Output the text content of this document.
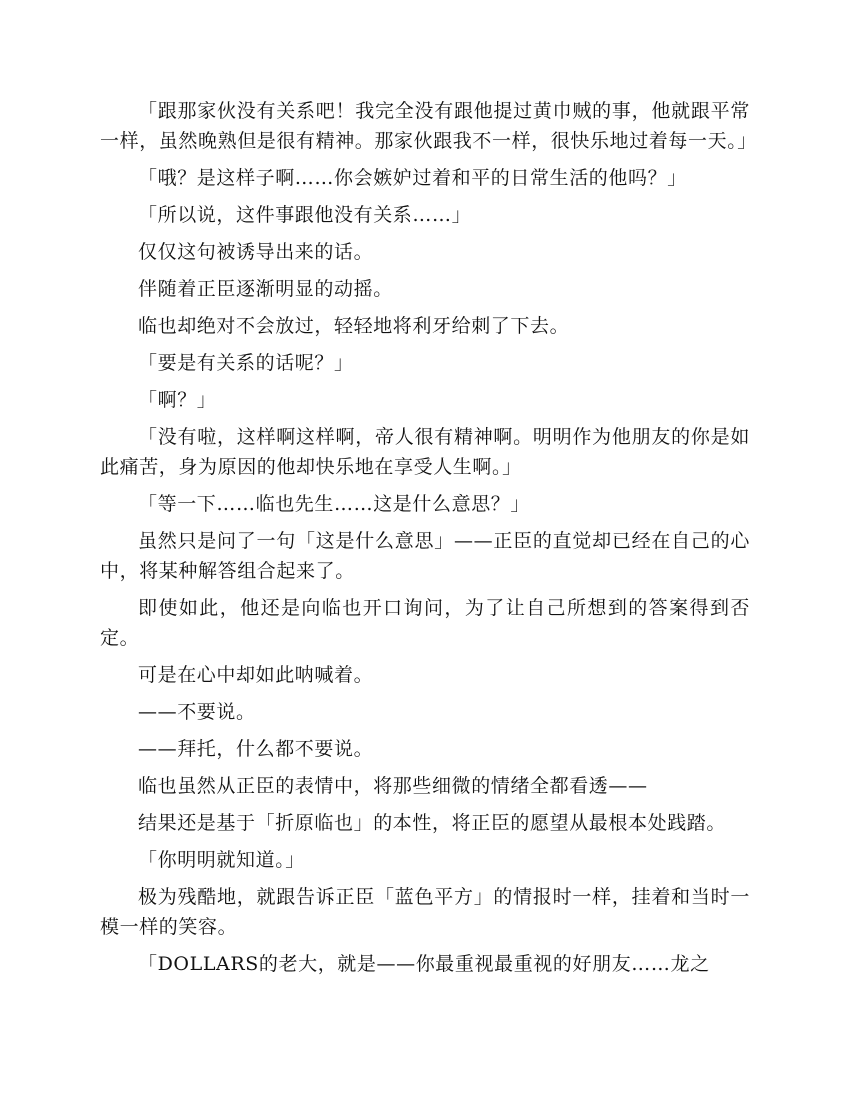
「跟那家伙没有关系吧！我完全没有跟他提过黄巾贼的事，他就跟平常一样，虽然晚熟但是很有精神。那家伙跟我不一样，很快乐地过着每一天。」

「哦？是这样子啊……你会嫉妒过着和平的日常生活的他吗？」

「所以说，这件事跟他没有关系……」

仅仅这句被诱导出来的话。

伴随着正臣逐渐明显的动摇。

临也却绝对不会放过，轻轻地将利牙给刺了下去。

「要是有关系的话呢？」

「啊？」

「没有啦，这样啊这样啊，帝人很有精神啊。明明作为他朋友的你是如此痛苦，身为原因的他却快乐地在享受人生啊。」

「等一下……临也先生……这是什么意思？」

虽然只是问了一句「这是什么意思」——正臣的直觉却已经在自己的心中，将某种解答组合起来了。

即使如此，他还是向临也开口询问，为了让自己所想到的答案得到否定。

可是在心中却如此呐喊着。

——不要说。

——拜托，什么都不要说。

临也虽然从正臣的表情中，将那些细微的情绪全都看透——

结果还是基于「折原临也」的本性，将正臣的愿望从最根本处践踏。

「你明明就知道。」

极为残酷地，就跟告诉正臣「蓝色平方」的情报时一样，挂着和当时一模一样的笑容。

「DOLLARS的老大，就是——你最重视最重视的好朋友……龙之
